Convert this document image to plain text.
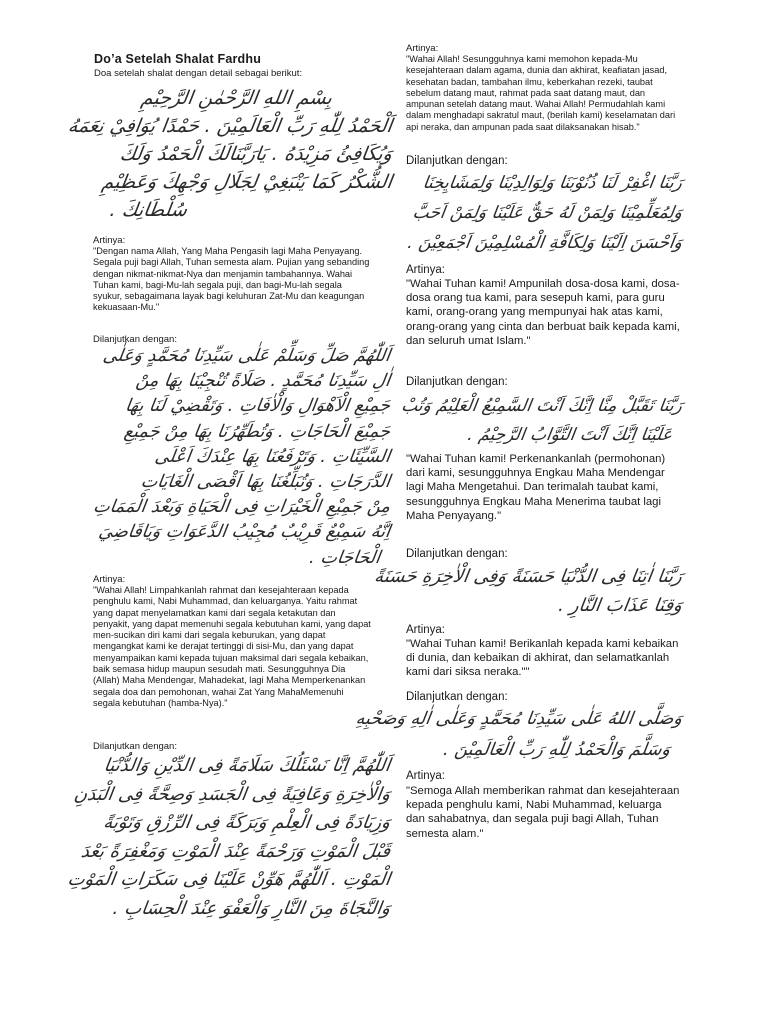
Do’a Setelah Shalat Fardhu
Doa setelah shalat dengan detail sebagai berikut:
بِسْمِ اللهِ الرَّحْمٰنِ الرَّحِيْمِ
اَلْحَمْدُ لِلّٰهِ رَبِّ الْعَالَمِيْنَ . حَمْدًا يُوَافِيْ نِعَمَهُ
وَيُكَافِئُ مَزِيْدَهُ . يَارَبَّنَالَكَ الْحَمْدُ وَلَكَ
الشُّكْرُ كَمَا يَنْبَغِيْ لِجَلَالِ وَجْهِكَ وَعَظِيْمِ
سُلْطَانِكَ .
Artinya:
"Dengan nama Allah, Yang Maha Pengasih lagi Maha Penyayang. Segala puji bagi Allah, Tuhan semesta alam. Pujian yang sebanding dengan nikmat-nikmat-Nya dan menjamin tambahannya. Wahai Tuhan kami, bagi-Mu-lah segala puji, dan bagi-Mu-lah segala syukur, sebagaimana layak bagi keluhuran Zat-Mu dan keagungan kekuasaan-Mu."
Dilanjutkan dengan:
اَللّٰهُمَّ صَلِّ وَسَلِّمْ عَلٰى سَيِّدِنَا مُحَمَّدٍ وَعَلٰى
اٰلِ سَيِّدِنَا مُحَمَّدٍ . صَلَاةً تُنْجِيْنَا بِهَا مِنْ
جَمِيْعِ الْاَهْوَالِ وَالْاٰفَاتِ . وَتَقْضِيْ لَنَا بِهَا
جَمِيْعَ الْحَاجَاتِ . وَتُطَهِّرُنَا بِهَا مِنْ جَمِيْعِ
السَّيِّئَاتِ . وَتَرْفَعُنَا بِهَا عِنْدَكَ اَعْلَى
الدَّرَجَاتِ . وَتُبَلِّغُنَا بِهَا اَقْصَى الْغَايَاتِ
مِنْ جَمِيْعِ الْخَيْرَاتِ فِى الْحَيَاةِ وَبَعْدَ الْمَمَاتِ
اِنَّهُ سَمِيْعٌ قَرِيْبٌ مُجِيْبُ الدَّعَوَاتِ وَيَاقَاضِيَ
الْحَاجَاتِ .
Artinya:
"Wahai Allah! Limpahkanlah rahmat dan kesejahteraan kepada penghulu kami, Nabi Muhammad, dan keluarganya. Yaitu rahmat yang dapat menyelamatkan kami dari segala ketakutan dan penyakit, yang dapat memenuhi segala kebutuhan kami, yang dapat men-sucikan diri kami dari segala keburukan, yang dapat mengangkat kami ke derajat tertinggi di sisi-Mu, dan yang dapat menyampaikan kami kepada tujuan maksimal dari segala kebaikan, baik semasa hidup maupun sesudah mati. Sesungguhnya Dia (Allah) Maha Mendengar, Mahadekat, lagi Maha Memperkenankan segala doa dan pemohonan, wahai Zat Yang MahaMemenuhi segala kebutuhan (hamba-Nya)."
Dilanjutkan dengan:
اَللّٰهُمَّ اِنَّا نَسْئَلُكَ سَلَامَةً فِى الدِّيْنِ وَالدُّنْيَا
وَالْاٰخِرَةِ وَعَافِيَةً فِى الْجَسَدِ وَصِحَّةً فِى الْبَدَنِ
وَزِيَادَةً فِى الْعِلْمِ وَبَرَكَةً فِى الرِّزْقِ وَتَوْبَةً
قَبْلَ الْمَوْتِ وَرَحْمَةً عِنْدَ الْمَوْتِ وَمَغْفِرَةً بَعْدَ
الْمَوْتِ . اَللّٰهُمَّ هَوِّنْ عَلَيْنَا فِى سَكَرَاتِ الْمَوْتِ
وَالنَّجَاةَ مِنَ النَّارِ وَالْعَفْوَ عِنْدَ الْحِسَابِ .
Artinya:
"Wahai Allah! Sesungguhnya kami memohon kepada-Mu kesejahteraan dalam agama, dunia dan akhirat, keafiatan jasad, kesehatan badan, tambahan ilmu, keberkahan rezeki, taubat sebelum datang maut, rahmat pada saat datang maut, dan ampunan setelah datang maut. Wahai Allah! Permudahlah kami dalam menghadapi sakratul maut, (berilah kami) keselamatan dari api neraka, dan ampunan pada saat dilaksanakan hisab."
Dilanjutkan dengan:
رَبَّنَا اغْفِرْ لَنَا ذُنُوْبَنَا وَلِوَالِدِيْنَا وَلِمَشَايِخِنَا
وَلِمُعَلِّمِيْنَا وَلِمَنْ لَهُ حَقٌّ عَلَيْنَا وَلِمَنْ اَحَبَّ
وَاَحْسَنَ اِلَيْنَا وَلِكَافَّةِ الْمُسْلِمِيْنَ اَجْمَعِيْنَ .
Artinya:
"Wahai Tuhan kami! Ampunilah dosa-dosa kami, dosa-dosa orang tua kami, para sesepuh kami, para guru kami, orang-orang yang mempunyai hak atas kami, orang-orang yang cinta dan berbuat baik kepada kami, dan seluruh umat Islam."
Dilanjutkan dengan:
رَبَّنَا تَقَبَّلْ مِنَّا اِنَّكَ اَنْتَ السَّمِيْعُ الْعَلِيْمُ وَتُبْ
عَلَيْنَا اِنَّكَ اَنْتَ التَّوَّابُ الرَّحِيْمُ .
"Wahai Tuhan kami! Perkenankanlah (permohonan) dari kami, sesungguhnya Engkau Maha Mendengar lagi Maha Mengetahui. Dan terimalah taubat kami, sesungguhnya Engkau Maha Menerima taubat lagi Maha Penyayang."
Dilanjutkan dengan:
رَبَّنَا اٰتِنَا فِى الدُّنْيَا حَسَنَةً وَفِى الْاٰخِرَةِ حَسَنَةً
وَقِنَا عَذَابَ النَّارِ .
Artinya:
"Wahai Tuhan kami! Berikanlah kepada kami kebaikan di dunia, dan kebaikan di akhirat, dan selamatkanlah kami dari siksa neraka.""
Dilanjutkan dengan:
وَصَلَّى اللهُ عَلٰى سَيِّدِنَا مُحَمَّدٍ وَعَلٰى اٰلِهِ وَصَحْبِهِ
وَسَلَّمَ وَالْحَمْدُ لِلّٰهِ رَبِّ الْعَالَمِيْنَ .
Artinya:
"Semoga Allah memberikan rahmat dan kesejahteraan kepada penghulu kami, Nabi Muhammad, keluarga dan sahabatnya, dan segala puji bagi Allah, Tuhan semesta alam."
